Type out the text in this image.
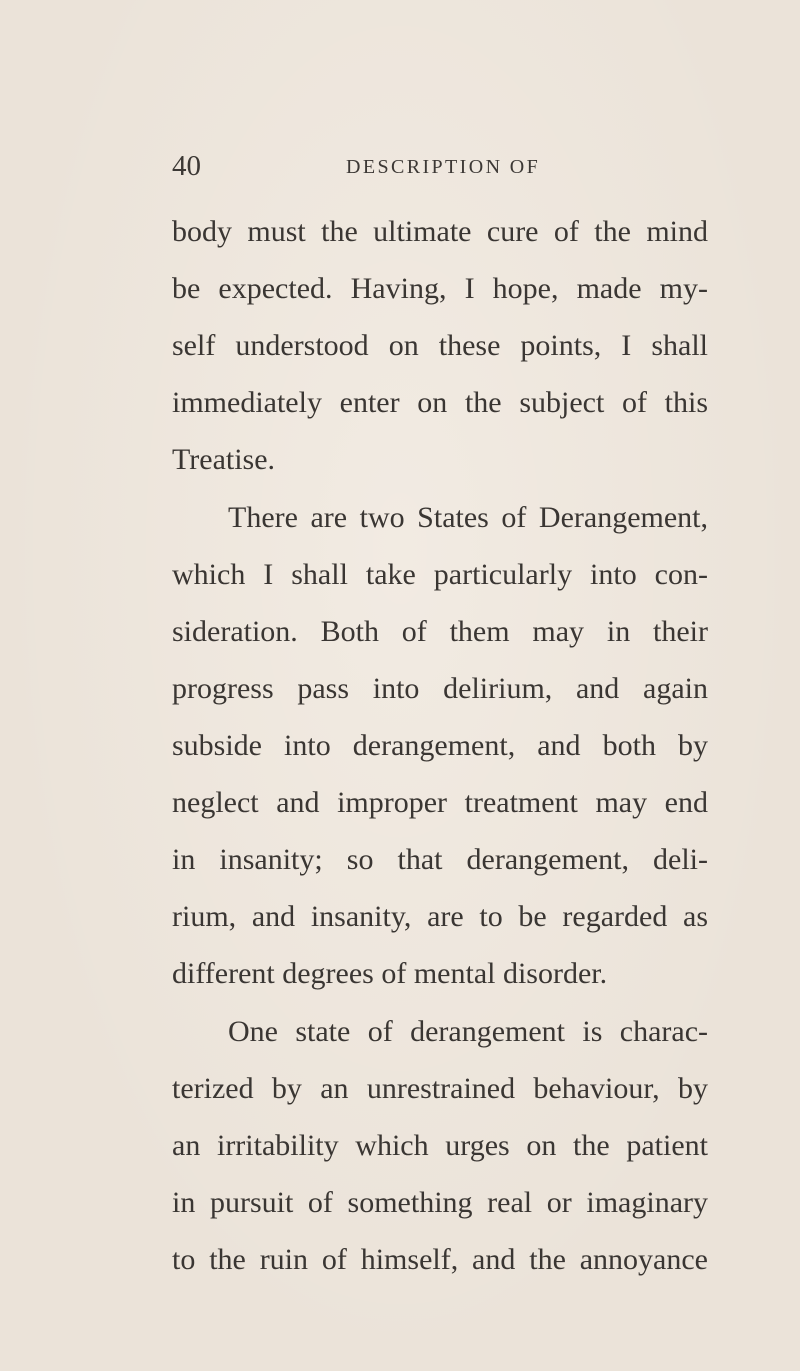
40	DESCRIPTION OF
body must the ultimate cure of the mind
be expected. Having, I hope, made my-
self understood on these points, I shall
immediately enter on the subject of this
Treatise.
There are two States of Derangement,
which I shall take particularly into con-
sideration. Both of them may in their
progress pass into delirium, and again
subside into derangement, and both by
neglect and improper treatment may end
in insanity; so that derangement, deli-
rium, and insanity, are to be regarded as
different degrees of mental disorder.
One state of derangement is charac-
terized by an unrestrained behaviour, by
an irritability which urges on the patient
in pursuit of something real or imaginary
to the ruin of himself, and the annoyance
